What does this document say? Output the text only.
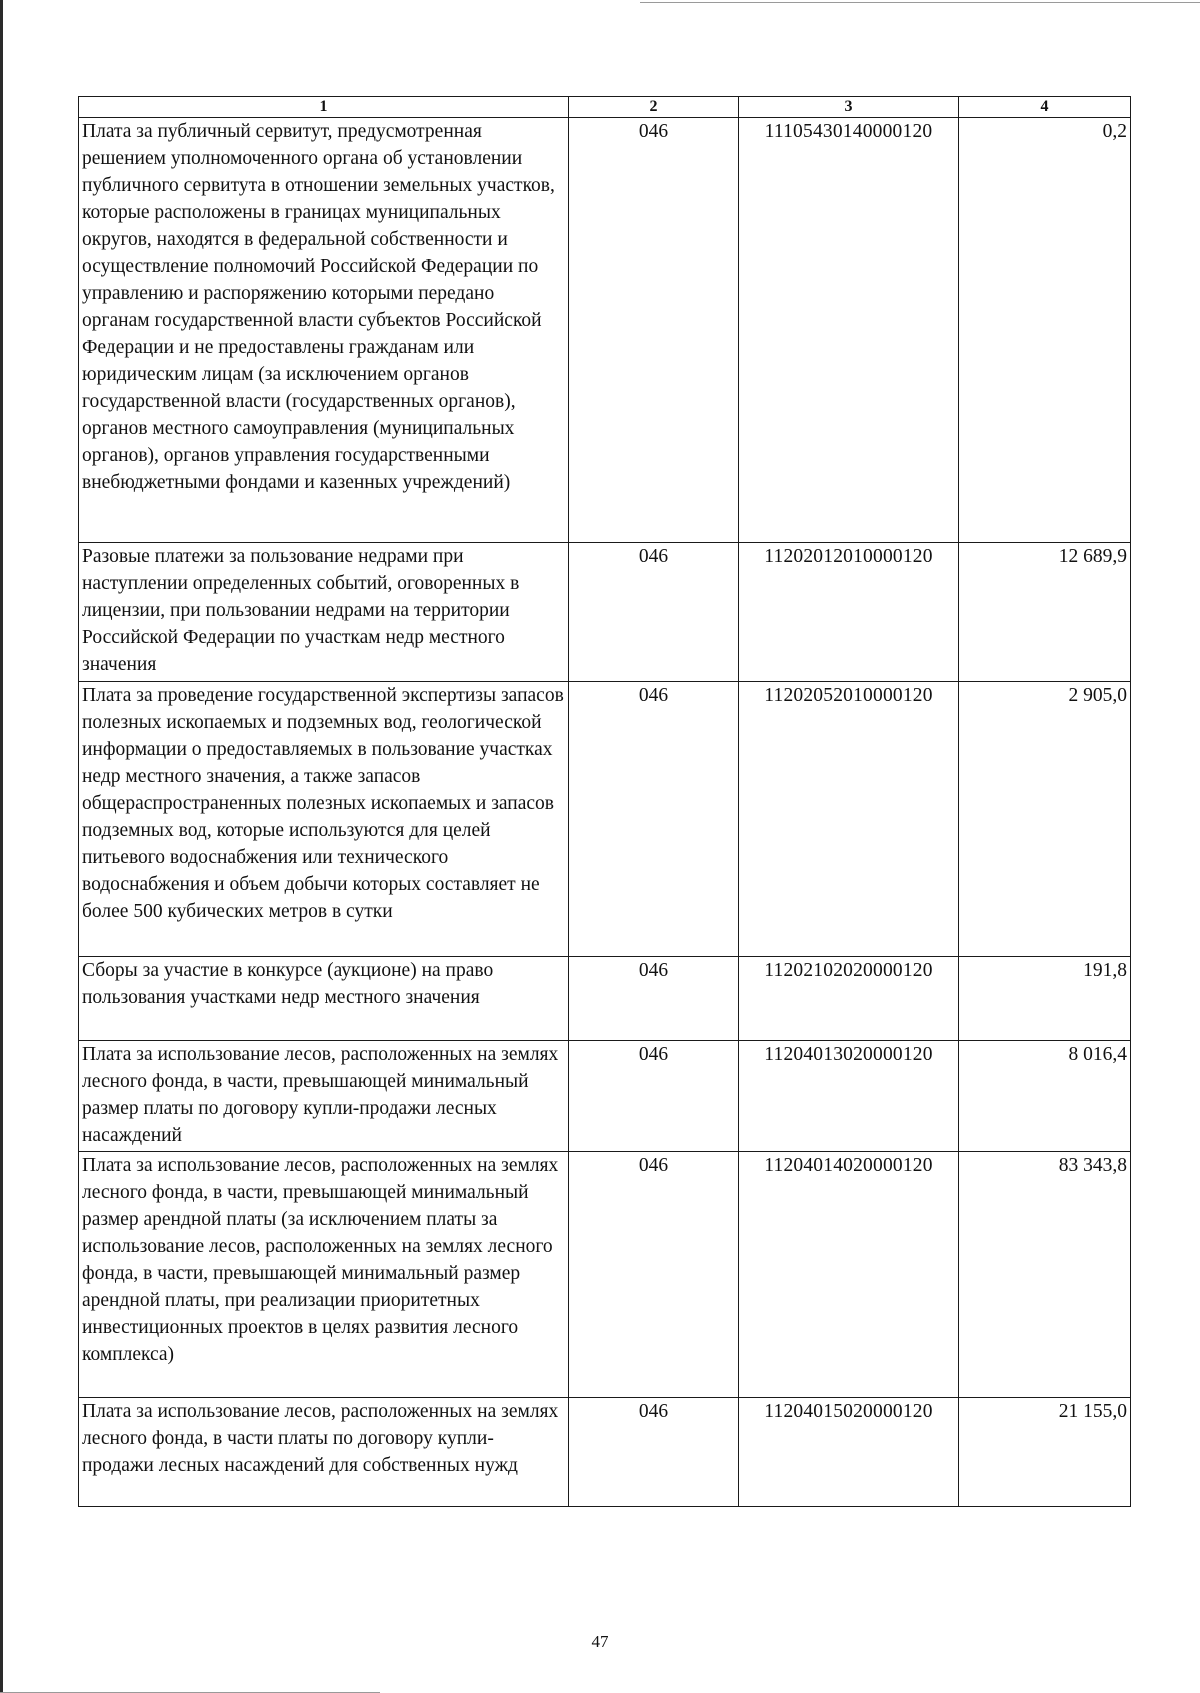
1	2	3	4
Плата за публичный сервитут, предусмотренная решением уполномоченного органа об установлении публичного сервитута в отношении земельных участков, которые расположены в границах муниципальных округов, находятся в федеральной собственности и осуществление полномочий Российской Федерации по управлению и распоряжению которыми передано органам государственной власти субъектов Российской Федерации и не предоставлены гражданам или юридическим лицам (за исключением органов государственной власти (государственных органов), органов местного самоуправления (муниципальных органов), органов управления государственными внебюджетными фондами и казенных учреждений)	046	11105430140000120	0,2
Разовые платежи за пользование недрами при наступлении определенных событий, оговоренных в лицензии, при пользовании недрами на территории Российской Федерации по участкам недр местного значения	046	11202012010000120	12 689,9
Плата за проведение государственной экспертизы запасов полезных ископаемых и подземных вод, геологической информации о предоставляемых в пользование участках недр местного значения, а также запасов общераспространенных полезных ископаемых и запасов подземных вод, которые используются для целей питьевого водоснабжения или технического водоснабжения и объем добычи которых составляет не более 500 кубических метров в сутки	046	11202052010000120	2 905,0
Сборы за участие в конкурсе (аукционе) на право пользования участками недр местного значения	046	11202102020000120	191,8
Плата за использование лесов, расположенных на землях лесного фонда, в части, превышающей минимальный размер платы по договору купли-продажи лесных насаждений	046	11204013020000120	8 016,4
Плата за использование лесов, расположенных на землях лесного фонда, в части, превышающей минимальный размер арендной платы (за исключением платы за использование лесов, расположенных на землях лесного фонда, в части, превышающей минимальный размер арендной платы, при реализации приоритетных инвестиционных проектов в целях развития лесного комплекса)	046	11204014020000120	83 343,8
Плата за использование лесов, расположенных на землях лесного фонда, в части платы по договору купли-продажи лесных насаждений для собственных нужд	046	11204015020000120	21 155,0
47
